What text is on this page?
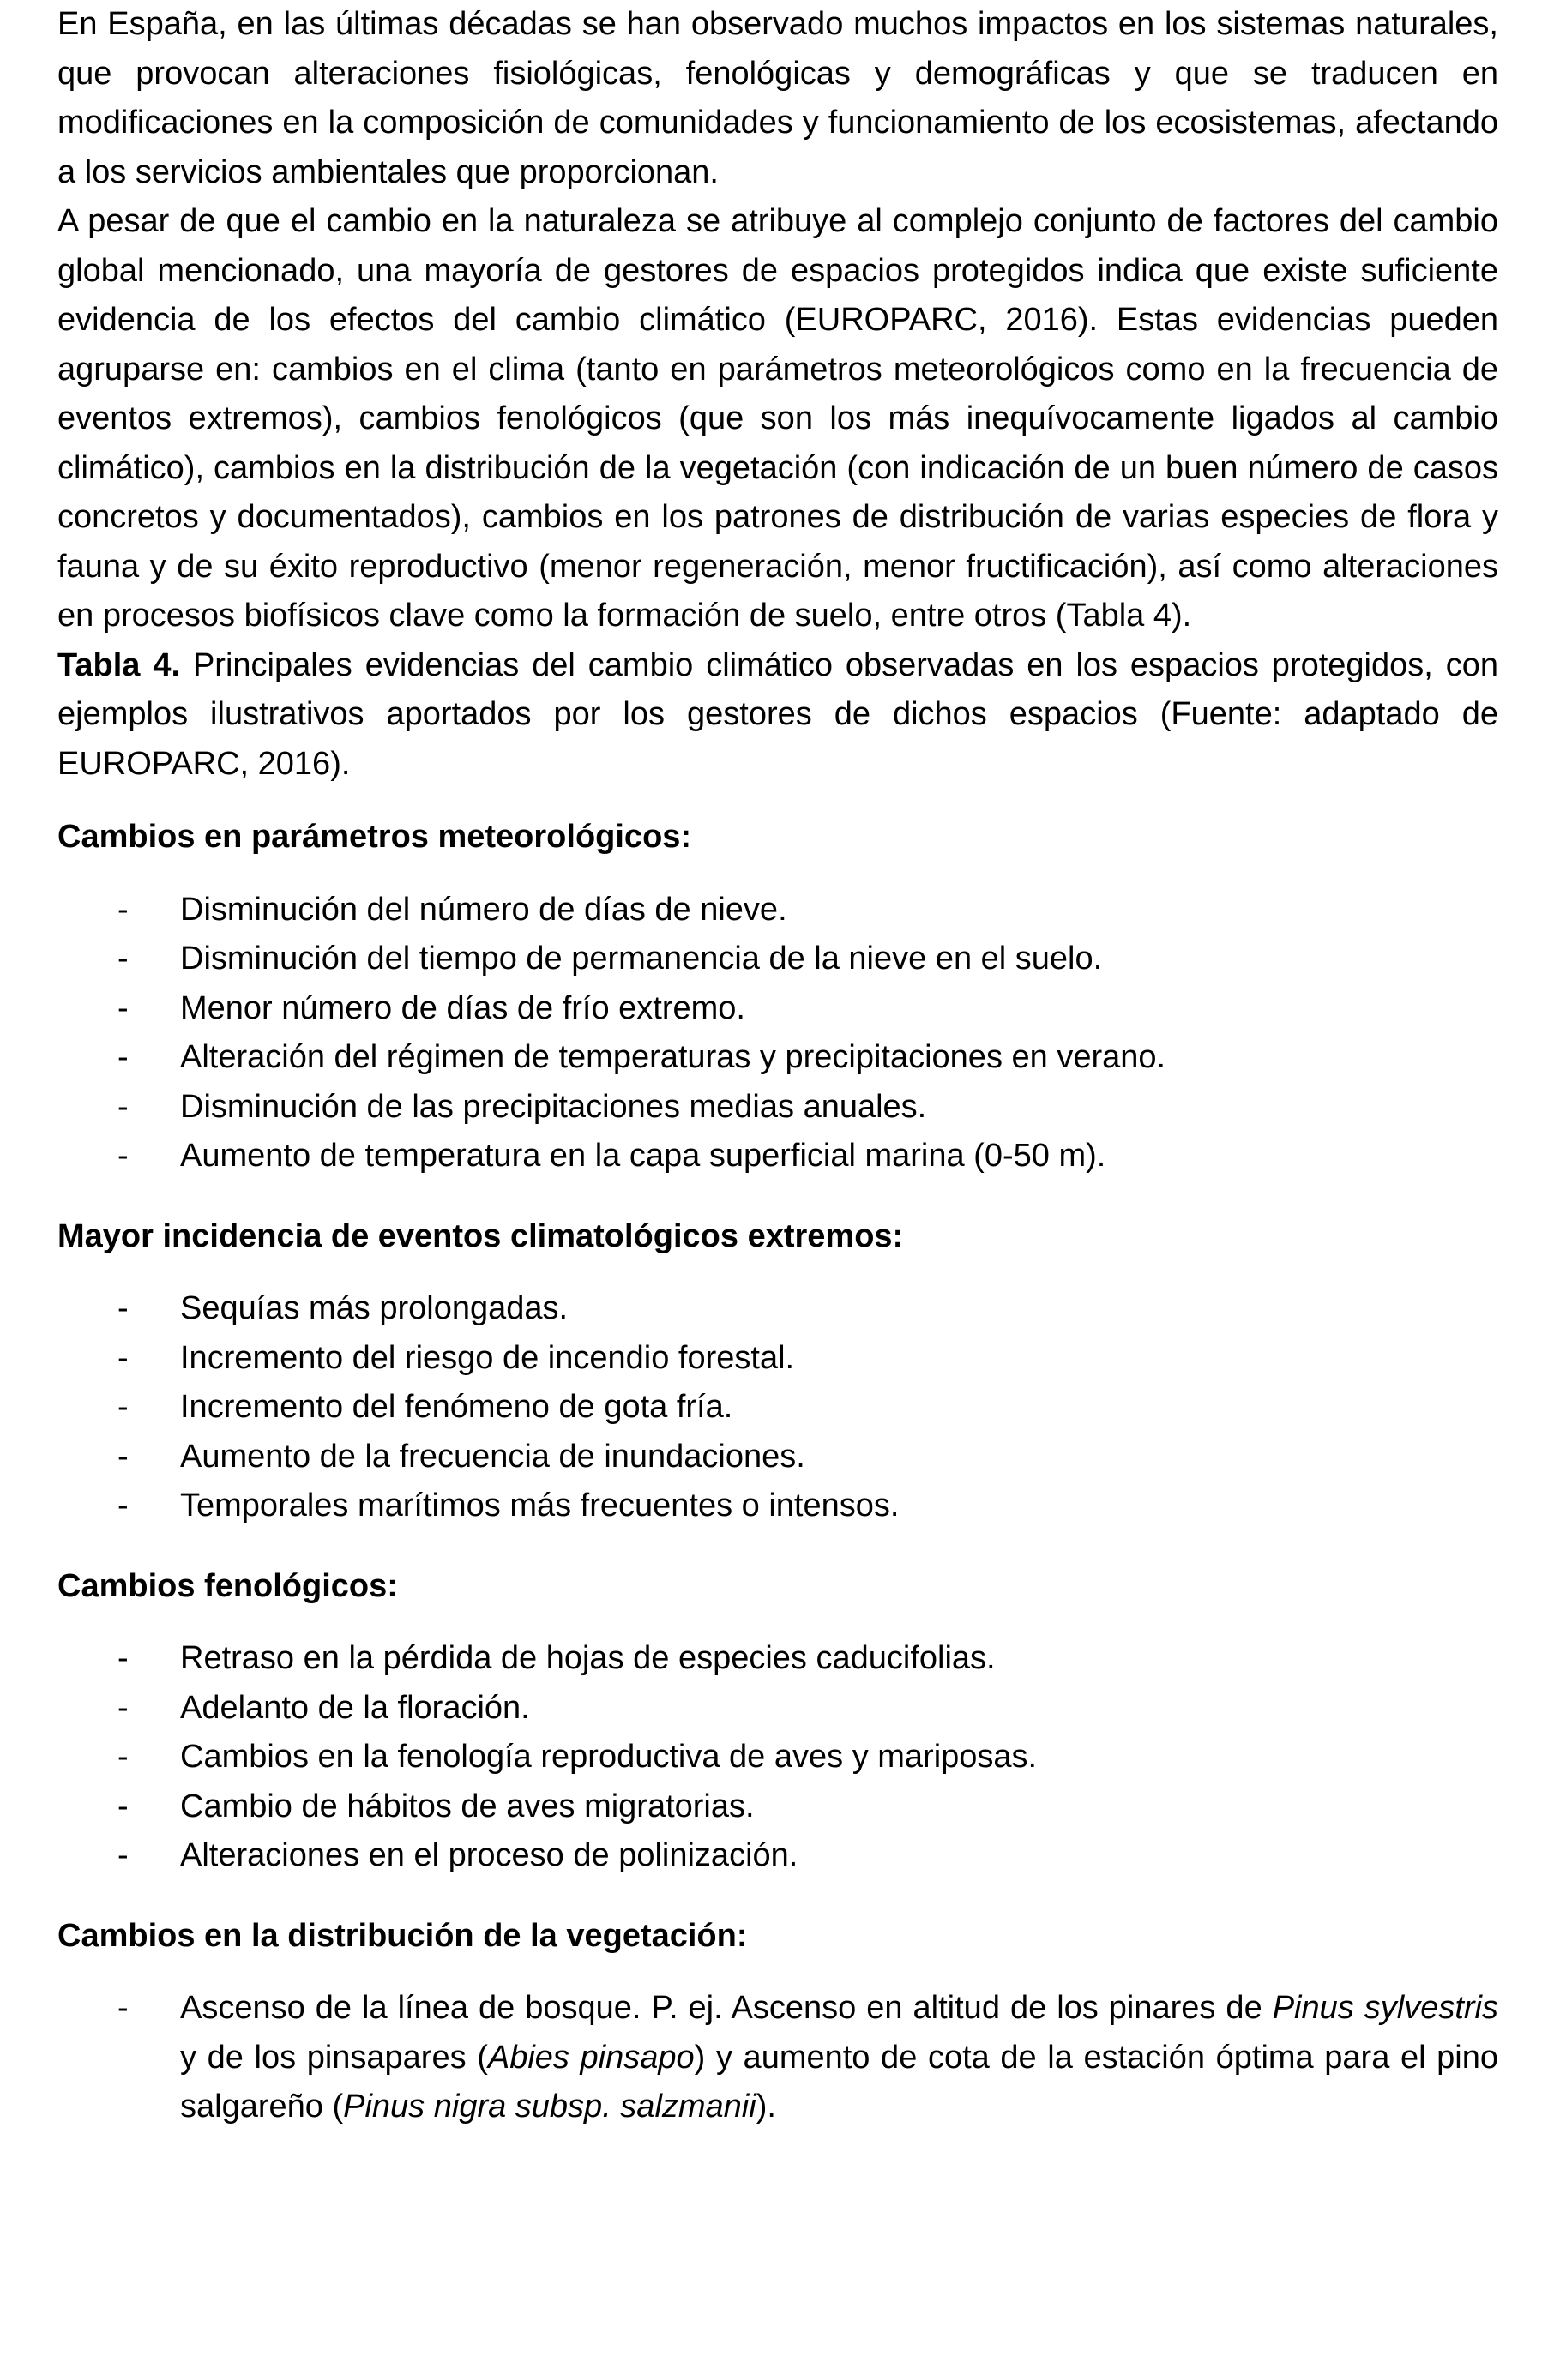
En España, en las últimas décadas se han observado muchos impactos en los sistemas naturales, que provocan alteraciones fisiológicas, fenológicas y demográficas y que se traducen en modificaciones en la composición de comunidades y funcionamiento de los ecosistemas, afectando a los servicios ambientales que proporcionan.

A pesar de que el cambio en la naturaleza se atribuye al complejo conjunto de factores del cambio global mencionado, una mayoría de gestores de espacios protegidos indica que existe suficiente evidencia de los efectos del cambio climático (EUROPARC, 2016). Estas evidencias pueden agruparse en: cambios en el clima (tanto en parámetros meteorológicos como en la frecuencia de eventos extremos), cambios fenológicos (que son los más inequívocamente ligados al cambio climático), cambios en la distribución de la vegetación (con indicación de un buen número de casos concretos y documentados), cambios en los patrones de distribución de varias especies de flora y fauna y de su éxito reproductivo (menor regeneración, menor fructificación), así como alteraciones en procesos biofísicos clave como la formación de suelo, entre otros (Tabla 4).

Tabla 4. Principales evidencias del cambio climático observadas en los espacios protegidos, con ejemplos ilustrativos aportados por los gestores de dichos espacios (Fuente: adaptado de EUROPARC, 2016).

Cambios en parámetros meteorológicos:

- Disminución del número de días de nieve.
- Disminución del tiempo de permanencia de la nieve en el suelo.
- Menor número de días de frío extremo.
- Alteración del régimen de temperaturas y precipitaciones en verano.
- Disminución de las precipitaciones medias anuales.
- Aumento de temperatura en la capa superficial marina (0-50 m).

Mayor incidencia de eventos climatológicos extremos:

- Sequías más prolongadas.
- Incremento del riesgo de incendio forestal.
- Incremento del fenómeno de gota fría.
- Aumento de la frecuencia de inundaciones.
- Temporales marítimos más frecuentes o intensos.

Cambios fenológicos:

- Retraso en la pérdida de hojas de especies caducifolias.
- Adelanto de la floración.
- Cambios en la fenología reproductiva de aves y mariposas.
- Cambio de hábitos de aves migratorias.
- Alteraciones en el proceso de polinización.

Cambios en la distribución de la vegetación:

- Ascenso de la línea de bosque. P. ej. Ascenso en altitud de los pinares de Pinus sylvestris y de los pinsapares (Abies pinsapo) y aumento de cota de la estación óptima para el pino salgareño (Pinus nigra subsp. salzmanii).
